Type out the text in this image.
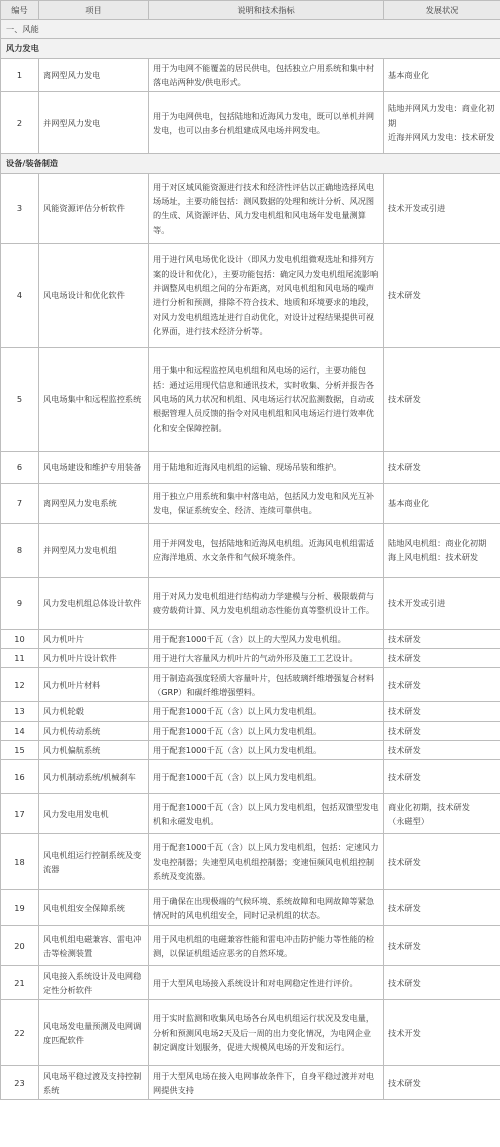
编号	项目	说明和技术指标	发展状况
一、风能			
风力发电			
1	离网型风力发电	用于为电网不能覆盖的居民供电，包括独立户用系统和集中村落电站两种发/供电形式。	基本商业化

2	并网型风力发电	用于为电网供电，包括陆地和近海风力发电，既可以单机并网发电，也可以由多台机组建成风电场并网发电。	陆地并网风力发电：商业化初期
近海并网风力发电：技术研发

设备/装备制造			
3	风能资源评估分析软件	用于对区域风能资源进行技术和经济性评估以正确地选择风电场场址，主要功能包括：测风数据的处理和统计分析、风况图的生成、风资源评估、风力发电机组和风电场年发电量测算等。	技术开发或引进

4	风电场设计和优化软件	用于进行风电场优化设计（即风力发电机组微观选址和排列方案的设计和优化），主要功能包括：确定风力发电机组尾流影响并调整风电机组之间的分布距离，对风电机组和风电场的噪声进行分析和预测，排除不符合技术、地质和环境要求的地段，对风力发电机组选址进行自动优化，对设计过程结果提供可视化界面，进行技术经济分析等。	技术研发

5	风电场集中和远程监控系统	用于集中和远程监控风电机组和风电场的运行，主要功能包括：通过运用现代信息和通讯技术，实时收集、分析并报告各风电场的风力状况和机组、风电场运行状况监测数据，自动或根据管理人员反馈的指令对风电机组和风电场运行进行效率优化和安全保障控制。	技术研发

6	风电场建设和维护专用装备	用于陆地和近海风电机组的运输、现场吊装和维护。	技术研发

7	离网型风力发电系统	用于独立户用系统和集中村落电站，包括风力发电和风光互补发电，保证系统安全、经济、连续可靠供电。	基本商业化

8	并网型风力发电机组	用于并网发电，包括陆地和近海风电机组。近海风电机组需适应海洋地质、水文条件和气候环境条件。	陆地风电机组：商业化初期
海上风电机组：技术研发

9	风力发电机组总体设计软件	用于对风力发电机组进行结构动力学建模与分析、极限载荷与疲劳载荷计算、风力发电机组动态性能仿真等整机设计工作。	技术开发或引进

10	风力机叶片	用于配套1000千瓦（含）以上的大型风力发电机组。	技术研发

11	风力机叶片设计软件	用于进行大容量风力机叶片的气动外形及施工工艺设计。	技术研发

12	风力机叶片材料	用于制造高强度轻质大容量叶片，包括玻璃纤维增强复合材料（GRP）和碳纤维增强塑料。	技术研发

13	风力机轮毂	用于配套1000千瓦（含）以上风力发电机组。	技术研发

14	风力机传动系统	用于配套1000千瓦（含）以上风力发电机组。	技术研发

15	风力机偏航系统	用于配套1000千瓦（含）以上风力发电机组。	技术研发

16	风力机制动系统/机械刹车	用于配套1000千瓦（含）以上风力发电机组。	技术研发

17	风力发电用发电机	用于配套1000千瓦（含）以上风力发电机组，包括双馈型发电机和永磁发电机。	商业化初期，技术研发
（永磁型）

18	风电机组运行控制系统及变流器	用于配套1000千瓦（含）以上风力发电机组，包括：定速风力发电控制器；失速型风电机组控制器；变速恒频风电机组控制系统及变流器。	技术研发

19	风电机组安全保障系统	用于确保在出现极端的气候环境、系统故障和电网故障等紧急情况时的风电机组安全，同时记录机组的状态。	技术研发

20	风电机组电磁兼容、雷电冲击等检测装置	用于风电机组的电磁兼容性能和雷电冲击防护能力等性能的检测，以保证机组适应恶劣的自然环境。	技术研发

21	风电接入系统设计及电网稳定性分析软件	用于大型风电场接入系统设计和对电网稳定性进行评价。	技术研发

22	风电场发电量预测及电网调度匹配软件	用于实时监测和收集风电场各台风电机组运行状况及发电量，分析和预测风电场2天及后一周的出力变化情况，为电网企业制定调度计划服务，促进大规模风电场的开发和运行。	技术开发

23	风电场平稳过渡及支持控制系统	用于大型风电场在接入电网事故条件下，自身平稳过渡并对电网提供支持	技术研发
